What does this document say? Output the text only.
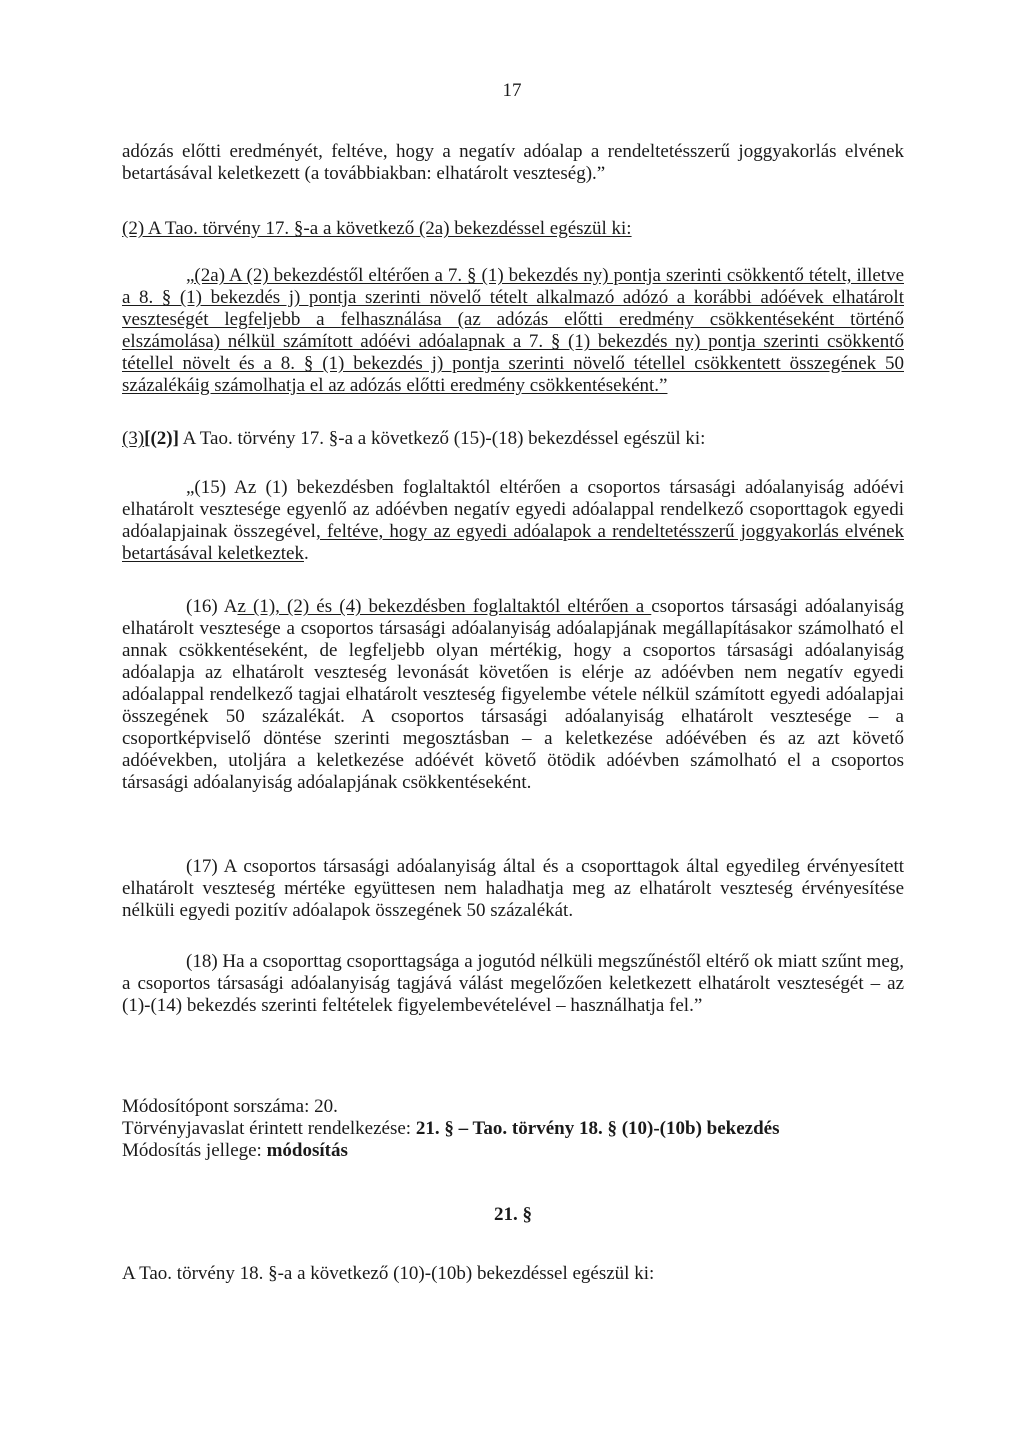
17

adózás előtti eredményét, feltéve, hogy a negatív adóalap a rendeltetésszerű joggyakorlás elvének betartásával keletkezett (a továbbiakban: elhatárolt veszteség).”

(2) A Tao. törvény 17. §-a a következő (2a) bekezdéssel egészül ki:

„(2a) A (2) bekezdéstől eltérően a 7. § (1) bekezdés ny) pontja szerinti csökkentő tételt, illetve a 8. § (1) bekezdés j) pontja szerinti növelő tételt alkalmazó adózó a korábbi adóévek elhatárolt veszteségét legfeljebb a felhasználása (az adózás előtti eredmény csökkentéseként történő elszámolása) nélkül számított adóévi adóalapnak a 7. § (1) bekezdés ny) pontja szerinti csökkentő tétellel növelt és a 8. § (1) bekezdés j) pontja szerinti növelő tétellel csökkentett összegének 50 százalékáig számolhatja el az adózás előtti eredmény csökkentéseként.”

(3)[(2)] A Tao. törvény 17. §-a a következő (15)-(18) bekezdéssel egészül ki:

„(15) Az (1) bekezdésben foglaltaktól eltérően a csoportos társasági adóalanyiság adóévi elhatárolt vesztesége egyenlő az adóévben negatív egyedi adóalappal rendelkező csoporttagok egyedi adóalapjainak összegével, feltéve, hogy az egyedi adóalapok a rendeltetésszerű joggyakorlás elvének betartásával keletkeztek.

(16) Az (1), (2) és (4) bekezdésben foglaltaktól eltérően a csoportos társasági adóalanyiság elhatárolt vesztesége a csoportos társasági adóalanyiság adóalapjának megállapításakor számolható el annak csökkentéseként, de legfeljebb olyan mértékig, hogy a csoportos társasági adóalanyiság adóalapja az elhatárolt veszteség levonását követően is elérje az adóévben nem negatív egyedi adóalappal rendelkező tagjai elhatárolt veszteség figyelembe vétele nélkül számított egyedi adóalapjai összegének 50 százalékát. A csoportos társasági adóalanyiság elhatárolt vesztesége – a csoportképviselő döntése szerinti megosztásban – a keletkezése adóévében és az azt követő adóévekben, utoljára a keletkezése adóévét követő ötödik adóévben számolható el a csoportos társasági adóalanyiság adóalapjának csökkentéseként.

(17) A csoportos társasági adóalanyiság által és a csoporttagok által egyedileg érvényesített elhatárolt veszteség mértéke együttesen nem haladhatja meg az elhatárolt veszteség érvényesítése nélküli egyedi pozitív adóalapok összegének 50 százalékát.

(18) Ha a csoporttag csoporttagsága a jogutód nélküli megszűnéstől eltérő ok miatt szűnt meg, a csoportos társasági adóalanyiság tagjává válást megelőzően keletkezett elhatárolt veszteségét – az (1)-(14) bekezdés szerinti feltételek figyelembevételével – használhatja fel.”

Módosítópont sorszáma: 20.
Törvényjavaslat érintett rendelkezése: 21. § – Tao. törvény 18. § (10)-(10b) bekezdés
Módosítás jellege: módosítás
21. §

A Tao. törvény 18. §-a a következő (10)-(10b) bekezdéssel egészül ki:
